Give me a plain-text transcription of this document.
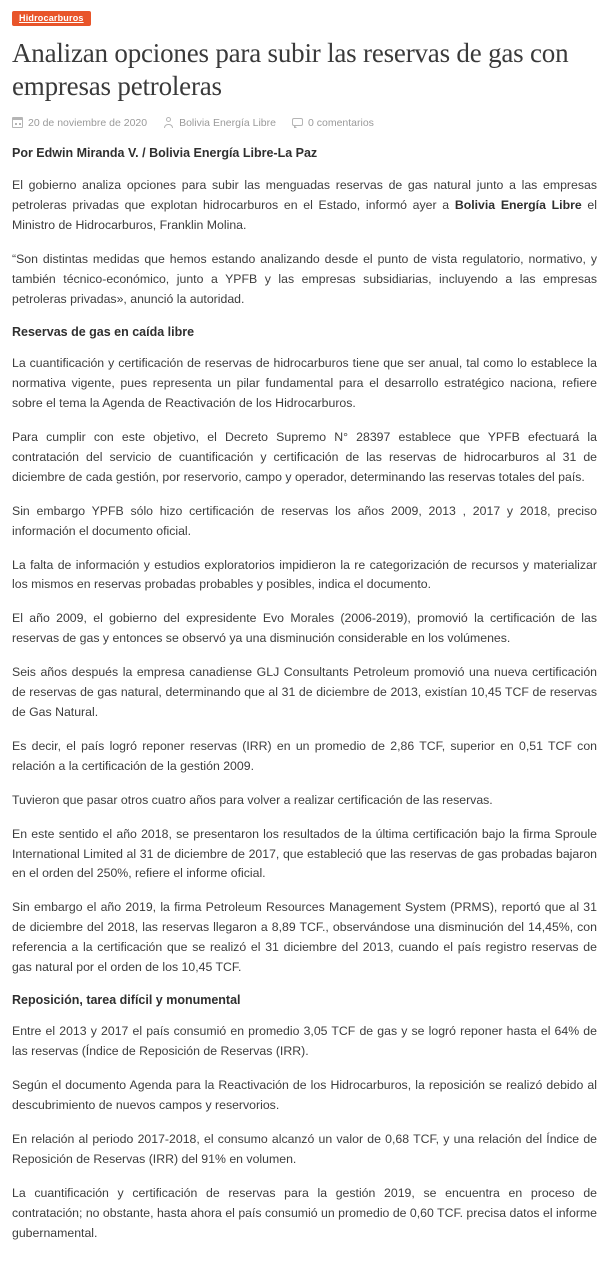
Hidrocarburos
Analizan opciones para subir las reservas de gas con empresas petroleras
20 de noviembre de 2020	Bolivia Energía Libre	0 comentarios

Por Edwin Miranda V. / Bolivia Energía Libre-La Paz

El gobierno analiza opciones para subir las menguadas reservas de gas natural junto a las empresas petroleras privadas que explotan hidrocarburos en el Estado, informó ayer a Bolivia Energía Libre el Ministro de Hidrocarburos, Franklin Molina.

“Son distintas medidas que hemos estando analizando desde el punto de vista regulatorio, normativo, y también técnico-económico, junto a YPFB y las empresas subsidiarias, incluyendo a las empresas petroleras privadas», anunció la autoridad.

Reservas de gas en caída libre

La cuantificación y certificación de reservas de hidrocarburos tiene que ser anual, tal como lo establece la normativa vigente, pues representa un pilar fundamental para el desarrollo estratégico naciona, refiere sobre el tema la Agenda de Reactivación de los Hidrocarburos.

Para cumplir con este objetivo, el Decreto Supremo N° 28397 establece que YPFB efectuará la contratación del servicio de cuantificación y certificación de las reservas de hidrocarburos al 31 de diciembre de cada gestión, por reservorio, campo y operador, determinando las reservas totales del país.

Sin embargo YPFB sólo hizo certificación de reservas los años 2009, 2013 , 2017 y 2018, preciso información el documento oficial.

La falta de información y estudios exploratorios impidieron la re categorización de recursos y materializar los mismos en reservas probadas probables y posibles, indica el documento.

El año 2009, el gobierno del expresidente Evo Morales (2006-2019), promovió la certificación de las reservas de gas y entonces se observó ya una disminución considerable en los volúmenes.

Seis años después la empresa canadiense GLJ Consultants Petroleum promovió una nueva certificación de reservas de gas natural, determinando que al 31 de diciembre de 2013, existían 10,45 TCF de reservas de Gas Natural.

Es decir, el país logró reponer reservas (IRR) en un promedio de 2,86 TCF, superior en 0,51 TCF con relación a la certificación de la gestión 2009.

Tuvieron que pasar otros cuatro años para volver a realizar certificación de las reservas.

En este sentido el año 2018, se presentaron los resultados de la última certificación bajo la firma Sproule International Limited al 31 de diciembre de 2017, que estableció que las reservas de gas probadas bajaron en el orden del 250%, refiere el informe oficial.

Sin embargo el año 2019, la firma Petroleum Resources Management System (PRMS), reportó que al 31 de diciembre del 2018, las reservas llegaron a 8,89 TCF., observándose una disminución del 14,45%, con referencia a la certificación que se realizó el 31 diciembre del 2013, cuando el país registro reservas de gas natural por el orden de los 10,45 TCF.

Reposición, tarea difícil y monumental

Entre el 2013 y 2017 el país consumió en promedio 3,05 TCF de gas y se logró reponer hasta el 64% de las reservas (Índice de Reposición de Reservas (IRR).

Según el documento Agenda para la Reactivación de los Hidrocarburos, la reposición se realizó debido al descubrimiento de nuevos campos y reservorios.

En relación al periodo 2017-2018, el consumo alcanzó un valor de 0,68 TCF, y una relación del Índice de Reposición de Reservas (IRR) del 91% en volumen.

La cuantificación y certificación de reservas para la gestión 2019, se encuentra en proceso de contratación; no obstante, hasta ahora el país consumió un promedio de 0,60 TCF. precisa datos el informe gubernamental.
